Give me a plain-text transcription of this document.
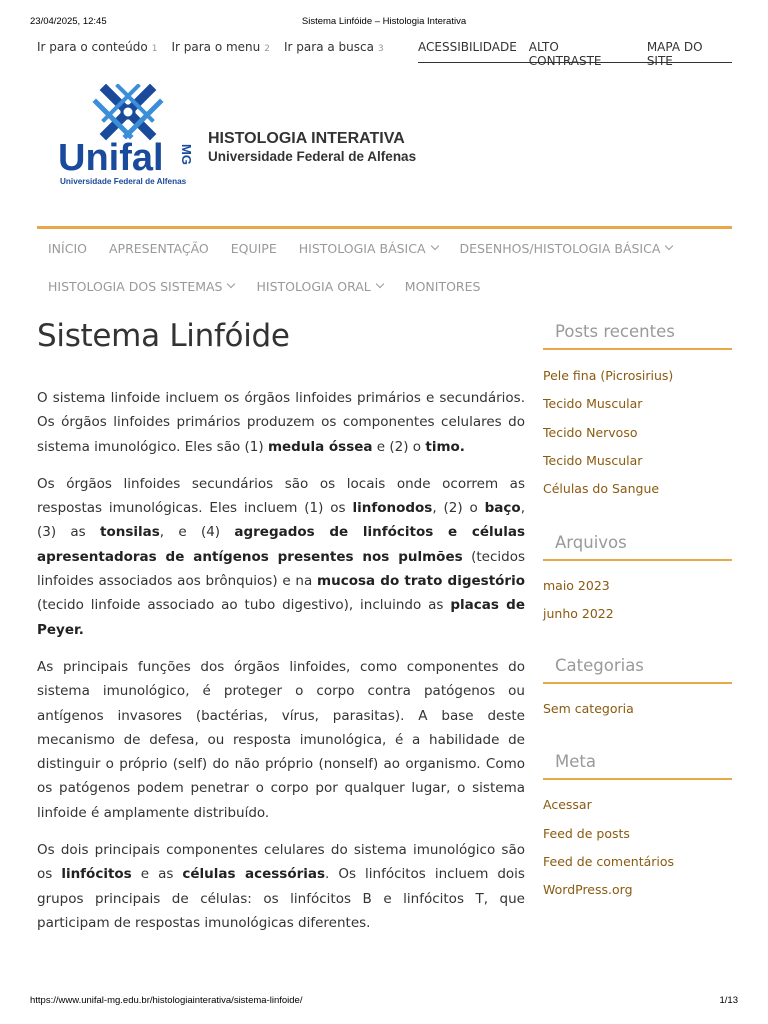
23/04/2025, 12:45	Sistema Linfóide – Histologia Interativa
Ir para o conteúdo 1 Ir para o menu 2 Ir para a busca 3	ACESSIBILIDADE ALTO CONTRASTE
MAPA DO SITE
Unifal MG
Universidade Federal de Alfenas
HISTOLOGIA INTERATIVA
Universidade Federal de Alfenas
INÍCIO APRESENTAÇÃO EQUIPE HISTOLOGIA BÁSICA	DESENHOS/HISTOLOGIA BÁSICA
HISTOLOGIA DOS SISTEMAS	HISTOLOGIA ORAL	MONITORES
Sistema Linfóide

O sistema linfoide incluem os órgãos linfoides primários e secundários. Os órgãos linfoides primários produzem os componentes celulares do sistema imunológico. Eles são (1) medula óssea e (2) o timo.

Os órgãos linfoides secundários são os locais onde ocorrem as respostas imunológicas. Eles incluem (1) os linfonodos, (2) o baço, (3) as tonsilas, e (4) agregados de linfócitos e células apresentadoras de antígenos presentes nos pulmões (tecidos linfoides associados aos brônquios) e na mucosa do trato digestório (tecido linfoide associado ao tubo digestivo), incluindo as placas de Peyer.

As principais funções dos órgãos linfoides, como componentes do sistema imunológico, é proteger o corpo contra patógenos ou antígenos invasores (bactérias, vírus, parasitas). A base deste mecanismo de defesa, ou resposta imunológica, é a habilidade de distinguir o próprio (self) do não próprio (nonself) ao organismo. Como os patógenos podem penetrar o corpo por qualquer lugar, o sistema linfoide é amplamente distribuído.

Os dois principais componentes celulares do sistema imunológico são os linfócitos e as células acessórias. Os linfócitos incluem dois grupos principais de células: os linfócitos B e linfócitos T, que participam de respostas imunológicas diferentes.

Posts recentes
Pele fina (Picrosirius)
Tecido Muscular
Tecido Nervoso
Tecido Muscular
Células do Sangue
Arquivos
maio 2023
junho 2022
Categorias
Sem categoria
Meta
Acessar
Feed de posts
Feed de comentários
WordPress.org
https://www.unifal-mg.edu.br/histologiainterativa/sistema-linfoide/	1/13
